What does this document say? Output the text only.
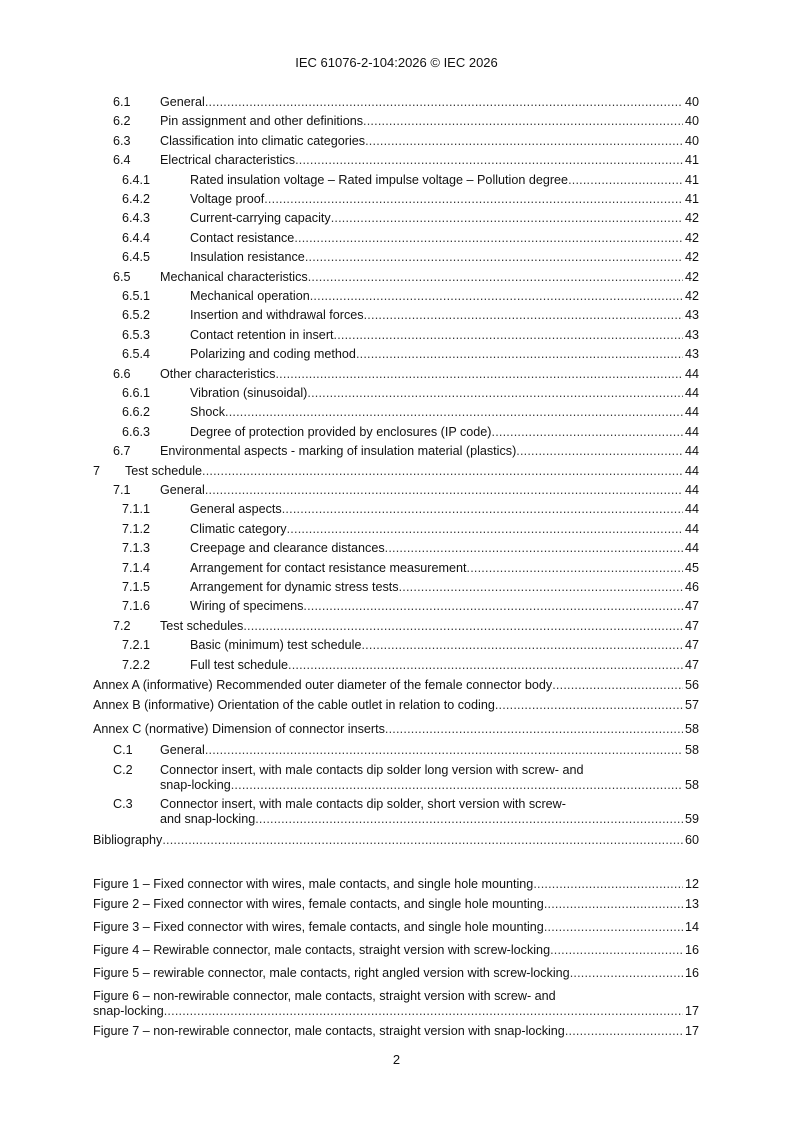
IEC 61076-2-104:2026 © IEC 2026
6.1 General .....	40
6.2 Pin assignment and other definitions .....	40
6.3 Classification into climatic categories .....	40
6.4 Electrical characteristics .....	41
6.4.1	Rated insulation voltage – Rated impulse voltage – Pollution degree .....	41
6.4.2	Voltage proof .....	41
6.4.3	Current-carrying capacity .....	42
6.4.4	Contact resistance .....	42
6.4.5	Insulation resistance .....	42
6.5 Mechanical characteristics .....	42
6.5.1	Mechanical operation .....	42
6.5.2	Insertion and withdrawal forces .....	43
6.5.3	Contact retention in insert .....	43
6.5.4	Polarizing and coding method .....	43
6.6 Other characteristics .....	44
6.6.1	Vibration (sinusoidal) .....	44
6.6.2	Shock .....	44
6.6.3	Degree of protection provided by enclosures (IP code) .....	44
6.7 Environmental aspects - marking of insulation material (plastics) .....	44
7 Test schedule .....	44
7.1 General .....	44
7.1.1	General aspects .....	44
7.1.2	Climatic category .....	44
7.1.3	Creepage and clearance distances .....	44
7.1.4	Arrangement for contact resistance measurement .....	45
7.1.5	Arrangement for dynamic stress tests .....	46
7.1.6	Wiring of specimens .....	47
7.2 Test schedules .....	47
7.2.1	Basic (minimum) test schedule .....	47
7.2.2	Full test schedule .....	47
Annex A (informative) Recommended outer diameter of the female connector body .....	56
Annex B (informative) Orientation of the cable outlet in relation to coding .....	57
Annex C (normative) Dimension of connector inserts .....	58
C.1 General .....	58
C.2 Connector insert, with male contacts dip solder long version with screw- and
snap-locking .....	58
C.3 Connector insert, with male contacts dip solder, short version with screw-
and snap-locking .....	59
Bibliography .....	60
Figure 1 – Fixed connector with wires, male contacts, and single hole mounting .....	12
Figure 2 – Fixed connector with wires, female contacts, and single hole mounting .....	13
Figure 3 – Fixed connector with wires, female contacts, and single hole mounting .....	14
Figure 4 – Rewirable connector, male contacts, straight version with screw-locking .....	16
Figure 5 – rewirable connector, male contacts, right angled version with screw-locking .....	16
Figure 6 – non-rewirable connector, male contacts, straight version with screw- and
snap-locking .....	17
Figure 7 – non-rewirable connector, male contacts, straight version with snap-locking .....	17
2
